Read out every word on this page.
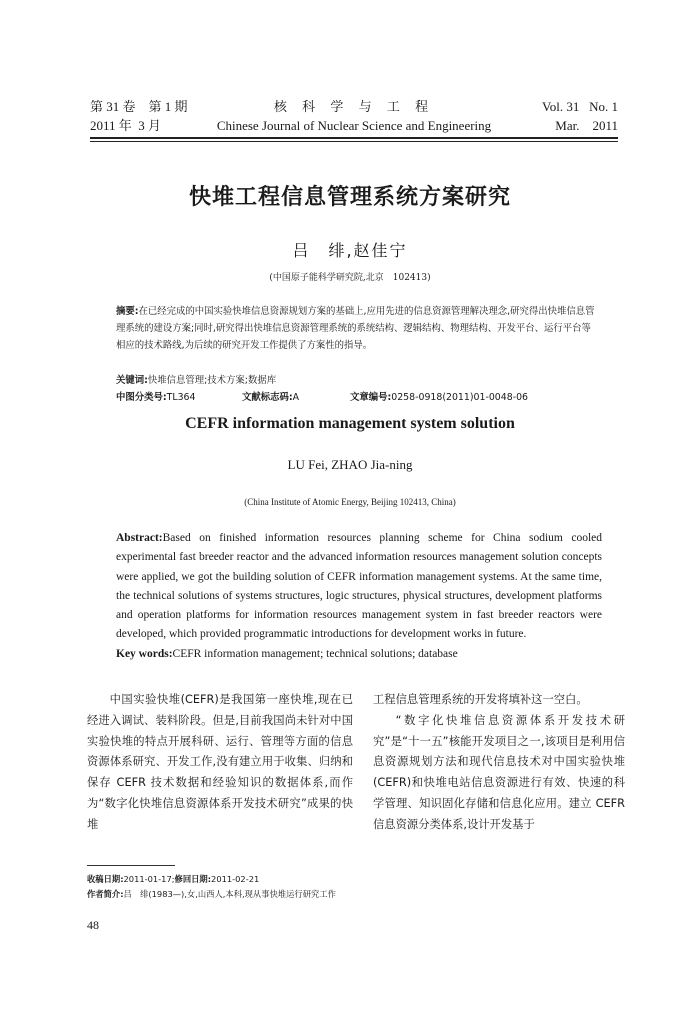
第 31 卷　 第 1 期	核 科 学 与 工 程	Vol. 31 No. 1
2011 年 3 月	Chinese Journal of Nuclear Science and Engineering	Mar. 2011
快堆工程信息管理系统方案研究
吕　绯,赵佳宁
(中国原子能科学研究院,北京　102413)
摘要:在已经完成的中国实验快堆信息资源规划方案的基础上,应用先进的信息资源管理解决理念,研究得出快堆信息管理系统的建设方案;同时,研究得出快堆信息资源管理系统的系统结构、逻辑结构、物理结构、开发平台、运行平台等相应的技术路线,为后续的研究开发工作提供了方案性的指导。
关键词:快堆信息管理;技术方案;数据库
中图分类号:TL364	文献标志码:A	文章编号:0258-0918(2011)01-0048-06
CEFR information management system solution
LU Fei, ZHAO Jia-ning
(China Institute of Atomic Energy, Beijing 102413, China)
Abstract:Based on finished information resources planning scheme for China sodium cooled experimental fast breeder reactor and the advanced information resources management solution concepts were applied, we got the building solution of CEFR information management systems. At the same time, the technical solutions of systems structures, logic structures, physical structures, development platforms and operation platforms for information resources management system in fast breeder reactors were developed, which provided programmatic introductions for development works in future.
Key words:CEFR information management; technical solutions; database

中国实验快堆(CEFR)是我国第一座快堆,现在已经进入调试、装料阶段。但是,目前我国尚未针对中国实验快堆的特点开展科研、运行、管理等方面的信息资源体系研究、开发工作,没有建立用于收集、归纳和保存 CEFR 技术数据和经验知识的数据体系,而作为“数字化快堆信息资源体系开发技术研究”成果的快堆

工程信息管理系统的开发将填补这一空白。

“数字化快堆信息资源体系开发技术研究”是“十一五”核能开发项目之一,该项目是利用信息资源规划方法和现代信息技术对中国实验快堆(CEFR)和快堆电站信息资源进行有效、快速的科学管理、知识固化存储和信息化应用。建立 CEFR 信息资源分类体系,设计开发基于

收稿日期:2011-01-17;修回日期:2011-02-21
作者简介:吕　绯(1983—),女,山西人,本科,现从事快堆运行研究工作
48
